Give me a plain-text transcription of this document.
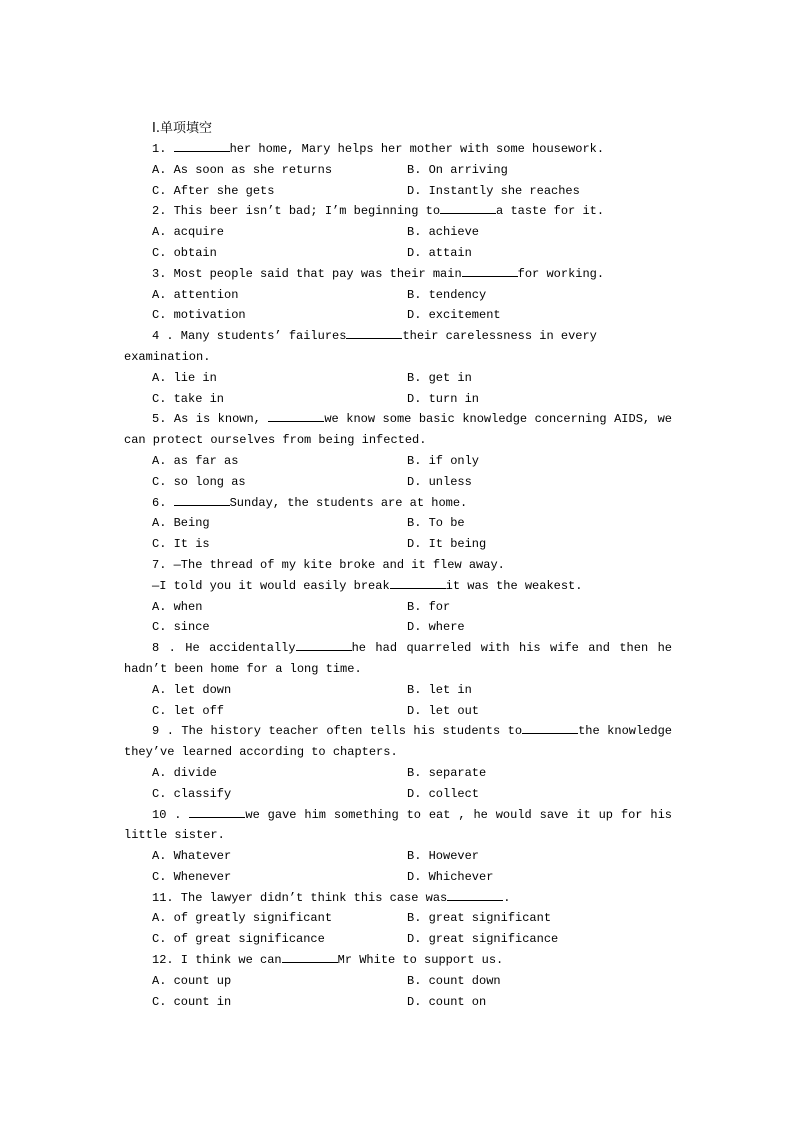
Ⅰ.单项填空
1.	her home, Mary helps her mother with some housework.
A. As soon as she returns	B. On arriving
C. After she gets	D. Instantly she reaches
2. This beer isn’t bad; I’m beginning to	a taste for it.
A. acquire	B. achieve
C. obtain	D. attain
3. Most people said that pay was their main	for working.
A. attention	B. tendency
C. motivation	D. excitement
4 . Many students’ failures	their carelessness in every examination.
A. lie in	B. get in
C. take in	D. turn in
5. As is known,	we know some basic knowledge concerning AIDS, we can protect ourselves from being infected.
A. as far as	B. if only
C. so long as	D. unless
6.	Sunday, the students are at home.
A. Being	B. To be
C. It is	D. It being
7. —The thread of my kite broke and it flew away.
—I told you it would easily break	it was the weakest.
A. when	B. for
C. since	D. where
8 . He accidentally	he had quarreled with his wife and then he hadn’t been home for a long time.
A. let down	B. let in
C. let off	D. let out
9 . The history teacher often tells his students to	the knowledge they’ve learned according to chapters.
A. divide	B. separate
C. classify	D. collect
10 .	we gave him something to eat , he would save it up for his little sister.
A. Whatever	B. However
C. Whenever	D. Whichever
11. The lawyer didn’t think this case was	.
A. of greatly significant	B. great significant
C. of great significance	D. great significance
12. I think we can	Mr White to support us.
A. count up	B. count down
C. count in	D. count on
